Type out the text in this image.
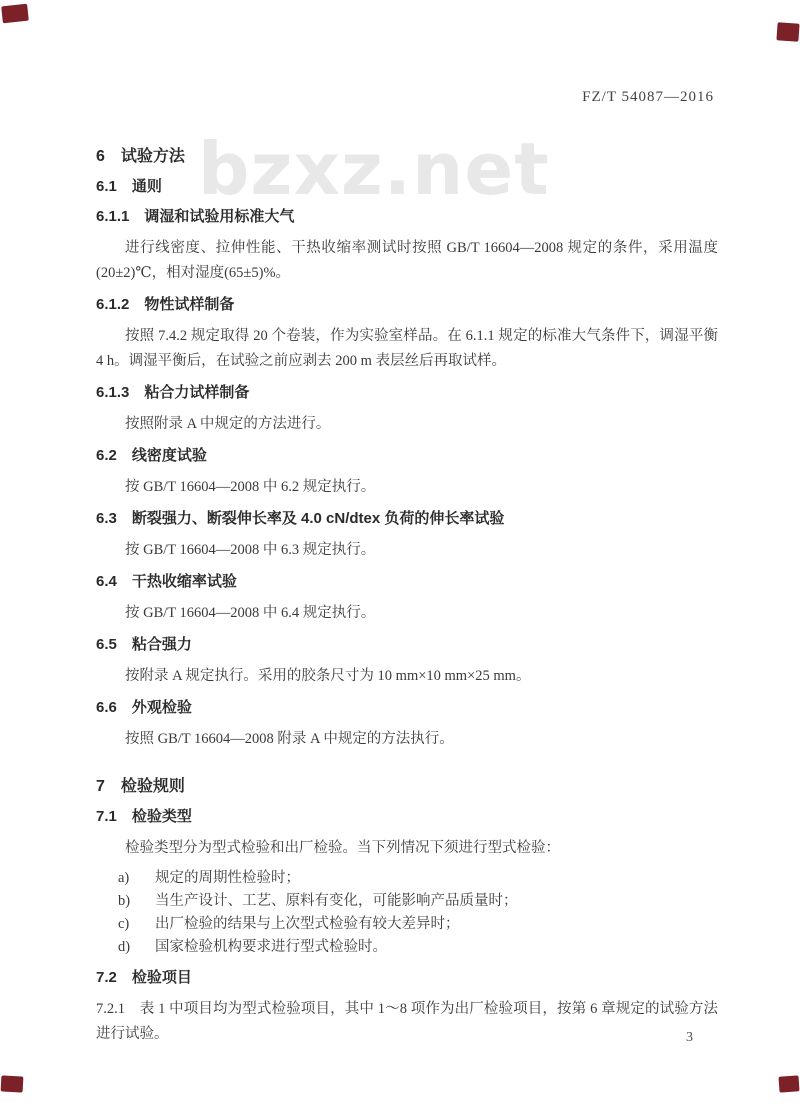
FZ/T 54087—2016
bzxz.net
6　试验方法
6.1　通则
6.1.1　调湿和试验用标准大气
进行线密度、拉伸性能、干热收缩率测试时按照 GB/T 16604—2008 规定的条件，采用温度(20±2)℃，相对湿度(65±5)%。
6.1.2　物性试样制备
按照 7.4.2 规定取得 20 个卷装，作为实验室样品。在 6.1.1 规定的标准大气条件下，调湿平衡 4 h。调湿平衡后，在试验之前应剥去 200 m 表层丝后再取试样。
6.1.3　粘合力试样制备
按照附录 A 中规定的方法进行。
6.2　线密度试验
按 GB/T 16604—2008 中 6.2 规定执行。
6.3　断裂强力、断裂伸长率及 4.0 cN/dtex 负荷的伸长率试验
按 GB/T 16604—2008 中 6.3 规定执行。
6.4　干热收缩率试验
按 GB/T 16604—2008 中 6.4 规定执行。
6.5　粘合强力
按附录 A 规定执行。采用的胶条尺寸为 10 mm×10 mm×25 mm。
6.6　外观检验
按照 GB/T 16604—2008 附录 A 中规定的方法执行。
7　检验规则
7.1　检验类型
检验类型分为型式检验和出厂检验。当下列情况下须进行型式检验：
a)	规定的周期性检验时；
b)	当生产设计、工艺、原料有变化，可能影响产品质量时；
c)	出厂检验的结果与上次型式检验有较大差异时；
d)	国家检验机构要求进行型式检验时。
7.2　检验项目
7.2.1　表 1 中项目均为型式检验项目，其中 1～8 项作为出厂检验项目，按第 6 章规定的试验方法进行试验。	3
